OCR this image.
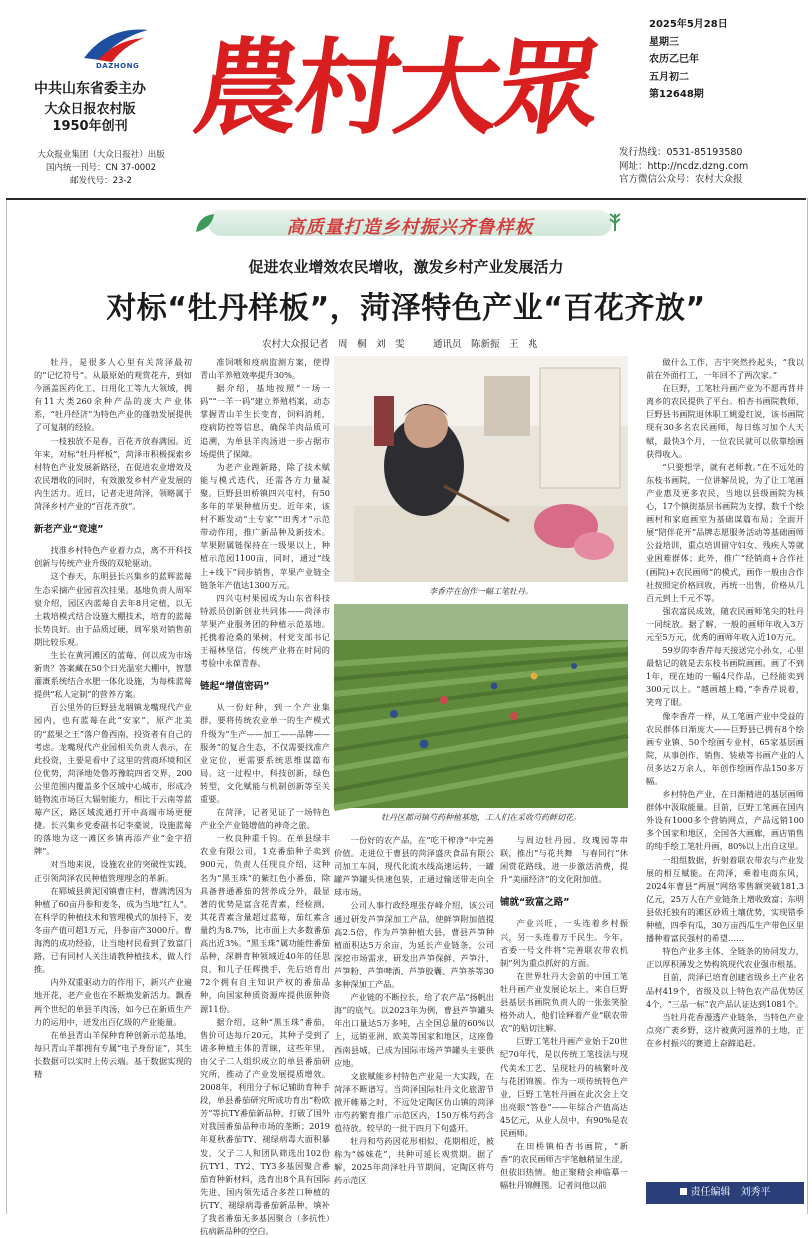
DAZHONG
中共山东省委主办
大众日报农村版
1950年创刊
大众报业集团（大众日报社）出版
国内统一刊号：CN 37-0002
邮发代号：23-2
農村大眾
2025年5月28日
星期三
农历乙巳年
五月初二
第12648期
发行热线：0531-85193580
网址：http://ncdz.dzng.com
官方微信公众号：农村大众报
高质量打造乡村振兴齐鲁样板
促进农业增效农民增收，激发乡村产业发展活力
对标“牡丹样板”，菏泽特色产业“百花齐放”
农村大众报记者　周　桐　刘　雯　　　通讯员　陈新振　王　兆

牡丹，是很多人心里有关菏泽最初的“记忆符号”。从最原始的观赏花卉，到如今涵盖医药化工、日用化工等九大领域，拥有11大类260余种产品的庞大产业体系，“牡丹经济”为特色产业的蓬勃发展提供了可复制的经验。

一枝独放不是春，百花齐放春满园。近年来，对标“牡丹样板”，菏泽市积极探索乡村特色产业发展新路径，在促进农业增效及农民增收的同时，有效激发乡村产业发展的内生活力。近日，记者走进菏泽，领略属于菏泽乡村产业的“百花齐放”。

新老产业“竞速”

找准乡村特色产业着力点，离不开科技创新与传统产业升级的双轮驱动。

这个春天，东明县长兴集乡的蓝辉蓝莓生态采摘产业园首次挂果。基地负责人周军泉介绍，园区内蓝莓自去年8月定植，以无土栽培模式结合设施大棚技术，培育的蓝莓长势良好。由于品质过硬，周军泉对销售前期比较乐观。

生长在黄河滩区的蓝莓，何以成为市场新贵？答案藏在50个日光温室大棚中，智慧灌溉系统结合水肥一体化设施，为每株蓝莓提供“私人定制”的营养方案。

百公里外的巨野县龙堌镇龙嘴现代产业园内，也有蓝莓在此“安家”，原产北美的“蓝果之王”落户鲁西南，投资者有自己的考虑。龙嘴现代产业园相关负责人表示，在此投资，主要是看中了这里的营商环境和区位优势，菏泽地处鲁苏豫皖四省交界，200公里范围内覆盖多个区域中心城市，形成冷链物流市场巨大辐射能力，相比于云南等蓝莓产区，路区域流通打开中高端市场更便捷。长兴集乡党委副书记李豪说，设施蓝莓的落地为这一滩区乡镇再添产业“金字招牌”。

对当地来说，设施农业的突破性实践，正引领菏泽农民种植管理理念的革新。

在郓城县黄泥冈镇曹庄村，曹满湾因为种植了60亩丹参和麦冬，成为当地“红人”。在科学的种植技术和管理模式的加持下，麦冬亩产值可超1万元，丹参亩产3000斤。曹海湾的成功经验，让当地村民看到了致富门路，已有同村人关注请教种植技术，做人行推。

内外双重驱动力的作用下，新兴产业遍地开花，老产业也在不断焕发新活力。飘香两个世纪的单县羊肉汤，如今已在新质生产力的运用中，迸发出百亿级的产业能量。

在单县青山羊保种育种创新示范基地，每只青山羊都拥有专属“电子身份证”，其生长数据可以实时上传云端。基于数据实现的精

准饲喂和疫病监测方案，使得青山羊养殖效率提升30%。

据介绍，基地按照“一场一码”“一羊一码”建立养殖档案，动态掌握青山羊生长变育，饲料消耗，疫病防控等信息，确保羊肉品质可追溯，为单县羊肉汤进一步占据市场提供了保障。

为老产业蹚新路，除了技术赋能与模式迭代，还需各方力量凝聚。巨野县田桥镇四兴屯村，有50多年的苹果种植历史。近年来，该村不断发动“土专家”“田秀才”示范带动作用，推广新品种及新技术。苹果附属链保持在一级果以上，种植示范园1100亩，同时，通过“线上+线下”同步销售，苹果产业链全链条年产值达1300万元。

四兴屯村果园成为山东省科技特派员创新创业共同体——菏泽市苹果产业服务团的种植示范基地。托携着沧桑的果树，村党支部书记王福林坚信，传统产业将在时间的考验中永葆青春。

链起“增值密码”

从一份好种，到一个产业集群，要将传统农业单一的生产模式升级为“生产——加工——品牌——服务”的复合生态，不仅需要找准产业定位，更需要系统思维谋篇布局。这一过程中，科技创新，绿色转型，文化赋能与机制创新等至关重要。

在菏泽，记者见证了一场特色产业全产业链增值的神奇之旅。

一枚良种重千钧。在单县绿丰农业有限公司，1克番茄种子卖到900元，负责人任现良介绍，这种名为“黑玉珠”的紫红色小番茄，除具备普通番茄的营养成分外，最显著的优势是富含花青素，经检测，其花青素含量超过蓝莓，茄红素含量约为8.7%，比市面上大多数番茄高出近3%。“黑玉珠”属功能性番茄品种，深耕育种领域近40年的任思良，和儿子任辉携手，先后培育出72个拥有自主知识产权的番茄品种，向国家种质资源库提供原种资源11份。

据介绍，这种“黑玉珠”番茄，售价可达每斤20元，其种子受到了诸多种植主体的青睐，这些年里，由父子二人组织成立的单县番茄研究所，推动了产业发展提质增效。2008年，利用分子标记辅助育种手段，单县番茄研究所成功育出“粉欧芳”等抗TY番茄新品种，打破了国外对我国番茄品种市场的垄断；2019年夏秋番茄TY、褪绿病毒大面积暴发，父子二人和团队筛选出102份抗TY1、TY2、TY3多基因聚合番茄育种新材料，选育出8个具有国际先进、国内领先适合多茬口种植的抗TY、褪绿病毒番茄新品种，填补了我省番茄无多基因聚合（多抗性）抗病新品种的空白。

李香芹在创作一幅工笔牡丹。
牡丹区都司镇芍药种植基地，工人们在采收芍药鲜切花。

一份好的农产品，在“吃干榨净”中完善价值。走进位于曹县的菏泽盛庆食品有限公司加工车间，现代化流水线高速运转，一罐罐芦笋罐头快速包装，正通过输送带走向全球市场。

公司人事行政经理张存峰介绍，该公司通过研发芦笋深加工产品，使鲜笋附加值提高2.5倍，作为芦笋种植大县，曹县芦笋种植面积达5万余亩，为延长产业链条，公司深挖市场需求，研发出芦笋保鲜、芦笋汁、芦笋粉、芦笋啤酒、芦笋胶囊、芦笋茶等30多种深加工产品。

产业链的不断拉长，给了农产品“扬帆出海”的底气。以2023年为例，曹县芦笋罐头年出口量达5万多吨，占全国总量的60%以上，远销亚洲、欧美等国家和地区，这座鲁西南县城，已成为国际市场芦笋罐头主要供应地。

文旅赋能乡村特色产业是一大实践，在菏泽不断谱写。当菏泽国际牡丹文化旅游节掀开帷幕之时，不远处定陶区仿山镇的菏泽市芍药繁育推广示范区内，150万株芍药含苞待放。较早的一批于四月下旬盛开。

牡丹和芍药因花形相似、花期相近，被称为“姊妹花”，共种可延长观赏期。据了解，2025年菏泽牡丹节期间，定陶区将芍药示范区

与周边牡丹园、玫瑰园等串联，推出“与花共舞　与春同行”休闲赏花路线，进一步激活消费，提升“美丽经济”的文化附加值。

铺就“致富之路”

产业兴旺，一头连着乡村振兴，另一头连着万千民生。今年，省委一号文件将“完善联农带农机制”列为重点抓好的方面。

在世界牡丹大会前的中国工笔牡丹画产业发展论坛上，来自巨野县基层书画院负责人的一张张笑脸格外动人，他们诠释着产业“联农带农”的贴切注解。

巨野工笔牡丹画产业始于20世纪70年代，是以传统工笔技法与现代美术工艺、呈现牡丹的核繁叶茂与花团锦簇。作为一项传统特色产业，巨野工笔牡丹画在此次会上交出亮眼“答卷”——年综合产值高达45亿元，从业人员中，有90%是农民画师。

在田桥镇柏杏书画院，“新香”的农民画师吉宇笔触稍显生涩，但依旧热情。他正聚精会神临摹一幅牡丹锦鲤图。记者问他以前

做什么工作，吉宇突然拎起头，“我以前在外面打工，一年回不了两次家。”

在巨野，工笔牡丹画产业为不愿再背井离乡的农民提供了平台。柏杏书画院教师、巨野县书画院退休职工姚爱红说，该书画院现有30多名农民画师，每日练习加个人天赋，最快3个月，一位农民就可以依靠绘画获得收入。

“只要想学，就有老师教。”在不远处的东枝书画院，一位讲解员说，为了让工笔画产业惠及更多农民，当地以县级画院为核心，17个镇街基层书画院为支撑，数千个绘画村和家庭画室为基础谋篇布局；全面开展“陪伴花开”品牌志愿服务活动等基础画师公益培训，重点培训留守妇女、残疾人等就业困难群体；此外，推广“经销商+合作社(画院)+农民画师”的模式，画作一般由合作社按照定价格回收，再统一出售，价格从几百元到上千元不等。

强农富民成效，随农民画师笔尖的牡丹一同绽放。据了解，一般的画师年收入3万元至5万元，优秀的画师年收入近10万元。

59岁的李香芹每天接送完小孙女，心里最惦记的就是去东枝书画院画画。画了不到1年，现在她的一幅4尺作品，已经能卖到300元以上。“越画越上瘾，”李香芹说着，笑弯了眼。

像李香芹一样，从工笔画产业中受益的农民群体日渐庞大——巨野县已拥有8个绘画专业镇、50个绘画专业村，65家基层画院，从事创作、销售、装裱等书画产业的人员多达2万余人，年创作绘画作品150多万幅。

乡村特色产业，在日渐精进的基层画师群体中汲取能量。目前，巨野工笔画在国内外设有1000多个营销网点，产品远销100多个国家和地区，全国各大画廊，画店销售的纯手绘工笔牡丹画，80%以上出自这里。

一组组数据，折射着联农带农与产业发展的相互赋能。在菏泽，乘着电商东风，2024年曹县“两展”网络零售额突破181.3亿元，25万人在产业链条上增收致富；东明县依托独有的滩区砂质土壤优势，实现错季种植，四季有瓜，30万亩西瓜生产带色区里播种着富民强村的希望……

特色产业多主体、全链条的协同发力，正以厚积薄发之势构筑现代农业强市根基。

目前，菏泽已培育创建省级乡土产业名品村419个，省级及以上特色农产品优势区4个，“三品一标”农产品认证达到1081个。

当牡丹花香漫透产业链条，当特色产业点亮广袤乡野，这片被黄河滋养的土地，正在乡村振兴的赛道上奋蹄追赶。

责任编辑　刘秀平
